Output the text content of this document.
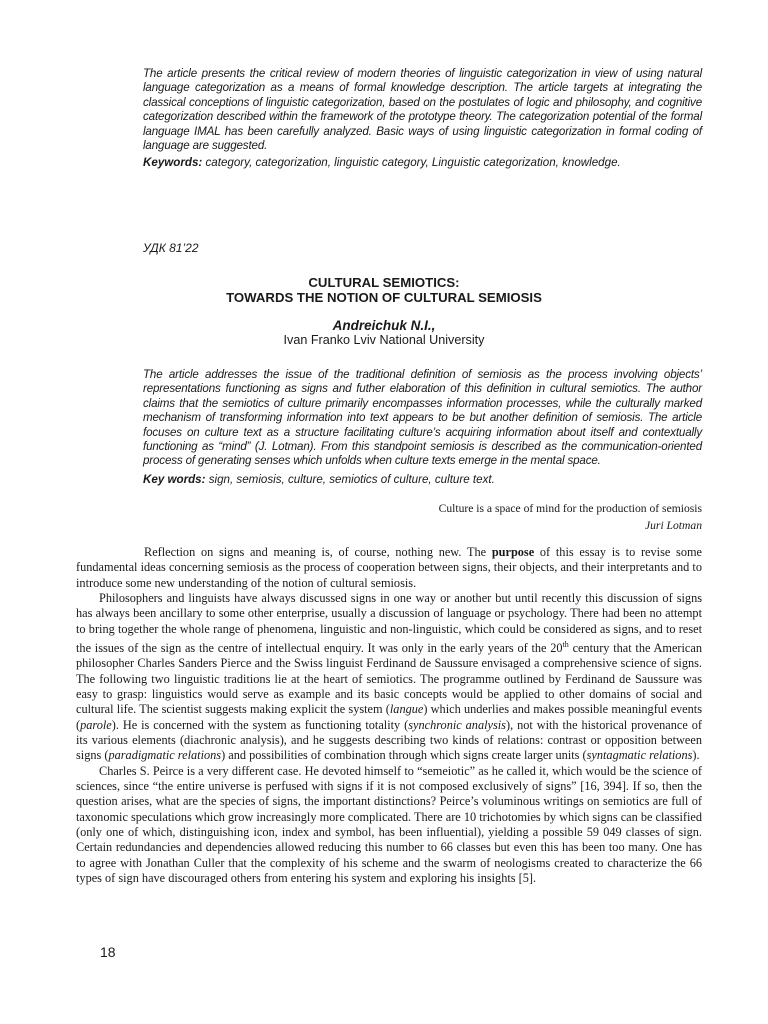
The article presents the critical review of modern theories of linguistic categorization in view of using natural language categorization as a means of formal knowledge description. The article targets at integrating the classical conceptions of linguistic categorization, based on the postulates of logic and philosophy, and cognitive categorization described within the framework of the prototype theory. The categorization potential of the formal language IMAL has been carefully analyzed. Basic ways of using linguistic categorization in formal coding of language are suggested.
Keywords: category, categorization, linguistic category, Linguistic categorization, knowledge.
УДК 81’22
CULTURAL SEMIOTICS:
TOWARDS THE NOTION OF CULTURAL SEMIOSIS
Andreichuk N.I.,
Ivan Franko Lviv National University
The article addresses the issue of the traditional definition of semiosis as the process involving objects’ representations functioning as signs and futher elaboration of this definition in cultural semiotics. The author claims that the semiotics of culture primarily encompasses information processes, while the culturally marked mechanism of transforming information into text appears to be but another definition of semiosis. The article focuses on culture text as a structure facilitating culture’s acquiring information about itself and contextually functioning as “mind” (J. Lotman). From this standpoint semiosis is described as the communication-oriented process of generating senses which unfolds when culture texts emerge in the mental space.
Key words: sign, semiosis, culture, semiotics of culture, culture text.
Culture is a space of mind for the production of semiosis
Juri Lotman

Reflection on signs and meaning is, of course, nothing new. The purpose of this essay is to revise some fundamental ideas concerning semiosis as the process of cooperation between signs, their objects, and their interpretants and to introduce some new understanding of the notion of cultural semiosis.

Philosophers and linguists have always discussed signs in one way or another but until recently this discussion of signs has always been ancillary to some other enterprise, usually a discussion of language or psychology. There had been no attempt to bring together the whole range of phenomena, linguistic and non-linguistic, which could be considered as signs, and to reset the issues of the sign as the centre of intellectual enquiry. It was only in the early years of the 20th century that the American philosopher Charles Sanders Pierce and the Swiss linguist Ferdinand de Saussure envisaged a comprehensive science of signs. The following two linguistic traditions lie at the heart of semiotics. The programme outlined by Ferdinand de Saussure was easy to grasp: linguistics would serve as example and its basic concepts would be applied to other domains of social and cultural life. The scientist suggests making explicit the system (langue) which underlies and makes possible meaningful events (parole). He is concerned with the system as functioning totality (synchronic analysis), not with the historical provenance of its various elements (diachronic analysis), and he suggests describing two kinds of relations: contrast or opposition between signs (paradigmatic relations) and possibilities of combination through which signs create larger units (syntagmatic relations).

Charles S. Peirce is a very different case. He devoted himself to “semeiotic” as he called it, which would be the science of sciences, since “the entire universe is perfused with signs if it is not composed exclusively of signs” [16, 394]. If so, then the question arises, what are the species of signs, the important distinctions? Peirce’s voluminous writings on semiotics are full of taxonomic speculations which grow increasingly more complicated. There are 10 trichotomies by which signs can be classified (only one of which, distinguishing icon, index and symbol, has been influential), yielding a possible 59 049 classes of sign. Certain redundancies and dependencies allowed reducing this number to 66 classes but even this has been too many. One has to agree with Jonathan Culler that the complexity of his scheme and the swarm of neologisms created to characterize the 66 types of sign have discouraged others from entering his system and exploring his insights [5].

18
